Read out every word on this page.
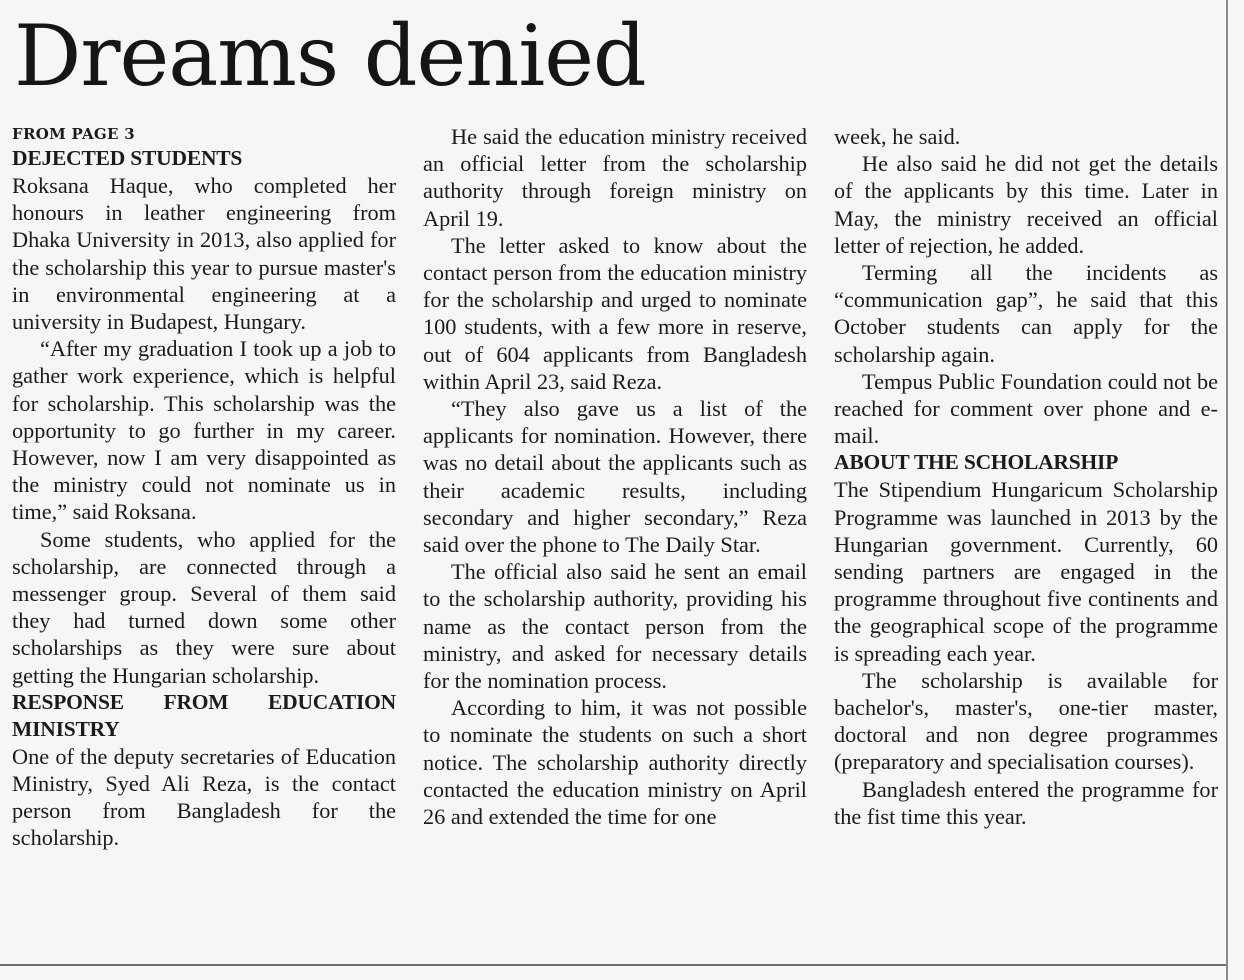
Dreams denied
FROM PAGE 3

DEJECTED STUDENTS

Roksana Haque, who completed her honours in leather engineering from Dhaka University in 2013, also applied for the scholarship this year to pursue master's in environmental engineering at a university in Budapest, Hungary.

“After my graduation I took up a job to gather work experience, which is helpful for scholarship. This scholarship was the opportunity to go further in my career. However, now I am very disappointed as the ministry could not nominate us in time,” said Roksana.

Some students, who applied for the scholarship, are connected through a messenger group. Several of them said they had turned down some other scholarships as they were sure about getting the Hungarian scholarship.

RESPONSE FROM EDUCATION MINISTRY

One of the deputy secretaries of Education Ministry, Syed Ali Reza, is the contact person from Bangladesh for the scholarship.

He said the education ministry received an official letter from the scholarship authority through foreign ministry on April 19.

The letter asked to know about the contact person from the education ministry for the scholarship and urged to nominate 100 students, with a few more in reserve, out of 604 applicants from Bangladesh within April 23, said Reza.

“They also gave us a list of the applicants for nomination. However, there was no detail about the applicants such as their academic results, including secondary and higher secondary,” Reza said over the phone to The Daily Star.

The official also said he sent an email to the scholarship authority, providing his name as the contact person from the ministry, and asked for necessary details for the nomination process.

According to him, it was not possible to nominate the students on such a short notice. The scholarship authority directly contacted the education ministry on April 26 and extended the time for one

week, he said.

He also said he did not get the details of the applicants by this time. Later in May, the ministry received an official letter of rejection, he added.

Terming all the incidents as “communication gap”, he said that this October students can apply for the scholarship again.

Tempus Public Foundation could not be reached for comment over phone and e-mail.

ABOUT THE SCHOLARSHIP

The Stipendium Hungaricum Scholarship Programme was launched in 2013 by the Hungarian government. Currently, 60 sending partners are engaged in the programme throughout five continents and the geographical scope of the programme is spreading each year.

The scholarship is available for bachelor's, master's, one-tier master, doctoral and non degree programmes (preparatory and specialisation courses).

Bangladesh entered the programme for the fist time this year.
